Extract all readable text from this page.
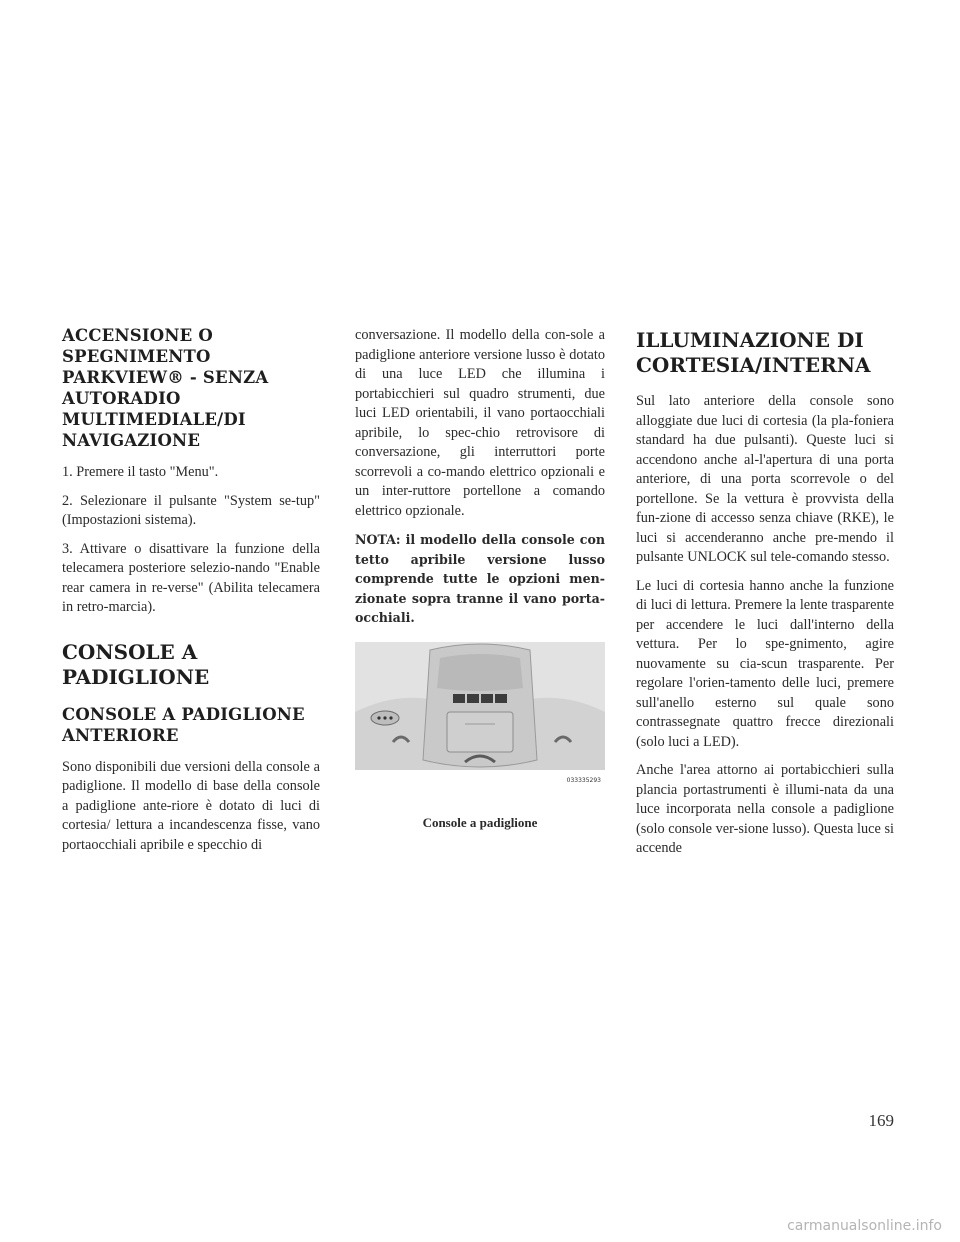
ACCENSIONE O SPEGNIMENTO PARKVIEW® - SENZA AUTORADIO MULTIMEDIALE/DI NAVIGAZIONE

1. Premere il tasto "Menu".

2. Selezionare il pulsante "System se-tup" (Impostazioni sistema).

3. Attivare o disattivare la funzione della telecamera posteriore selezio-nando "Enable rear camera in re-verse" (Abilita telecamera in retro-marcia).

CONSOLE A PADIGLIONE
CONSOLE A PADIGLIONE ANTERIORE

Sono disponibili due versioni della console a padiglione. Il modello di base della console a padiglione ante-riore è dotato di luci di cortesia/ lettura a incandescenza fisse, vano portaocchiali apribile e specchio di

conversazione. Il modello della con-sole a padiglione anteriore versione lusso è dotato di una luce LED che illumina i portabicchieri sul quadro strumenti, due luci LED orientabili, il vano portaocchiali apribile, lo spec-chio retrovisore di conversazione, gli interruttori porte scorrevoli a co-mando elettrico opzionali e un inter-ruttore portellone a comando elettrico opzionale.

NOTA: il modello della console con tetto apribile versione lusso comprende tutte le opzioni men-zionate sopra tranne il vano porta-occhiali.

033335293
Console a padiglione
ILLUMINAZIONE DI CORTESIA/INTERNA

Sul lato anteriore della console sono alloggiate due luci di cortesia (la pla-foniera standard ha due pulsanti). Queste luci si accendono anche al-l'apertura di una porta anteriore, di una porta scorrevole o del portellone. Se la vettura è provvista della fun-zione di accesso senza chiave (RKE), le luci si accenderanno anche pre-mendo il pulsante UNLOCK sul tele-comando stesso.

Le luci di cortesia hanno anche la funzione di luci di lettura. Premere la lente trasparente per accendere le luci dall'interno della vettura. Per lo spe-gnimento, agire nuovamente su cia-scun trasparente. Per regolare l'orien-tamento delle luci, premere sull'anello esterno sul quale sono contrassegnate quattro frecce direzionali (solo luci a LED).

Anche l'area attorno ai portabicchieri sulla plancia portastrumenti è illumi-nata da una luce incorporata nella console a padiglione (solo console ver-sione lusso). Questa luce si accende

169
carmanualsonline.info
